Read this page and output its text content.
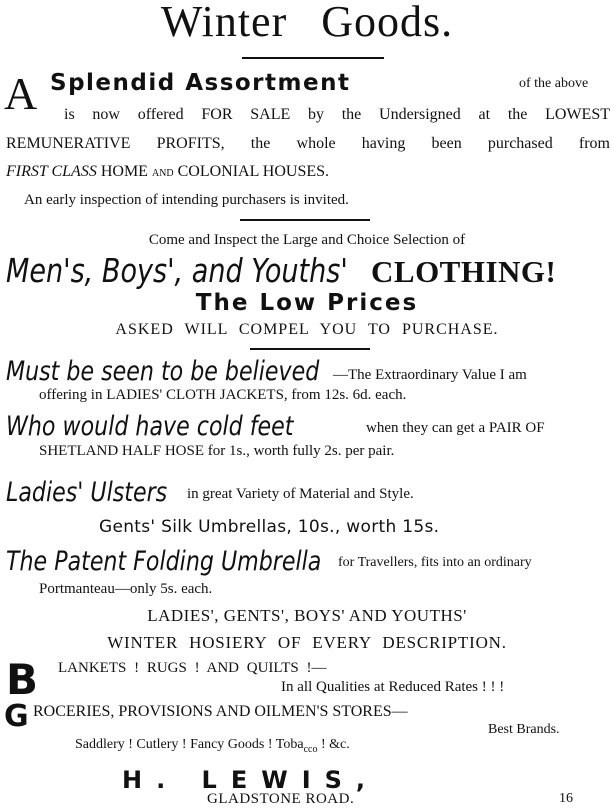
Winter Goods.
A Splendid Assortment	of the above
is now offered FOR SALE by the Undersigned at the LOWEST
REMUNERATIVE PROFITS, the whole having been purchased from
FIRST CLASS HOME AND COLONIAL HOUSES.
An early inspection of intending purchasers is invited.
Come and Inspect the Large and Choice Selection of
Men's, Boys', and Youths' CLOTHING!
The Low Prices
ASKED WILL COMPEL YOU TO PURCHASE.
Must be seen to be believed —The Extraordinary Value I am
offering in LADIES' CLOTH JACKETS, from 12s. 6d. each.
Who would have cold feet	when they can get a PAIR OF
SHETLAND HALF HOSE for 1s., worth fully 2s. per pair.
Ladies' Ulsters in great Variety of Material and Style.
Gents' Silk Umbrellas, 10s., worth 15s.
The Patent Folding Umbrella for Travellers, fits into an ordinary
Portmanteau—only 5s. each.
LADIES', GENTS', BOYS' AND YOUTHS'
WINTER HOSIERY OF EVERY DESCRIPTION.
B LANKETS ! RUGS ! AND QUILTS !—
In all Qualities at Reduced Rates ! ! !
G ROCERIES, PROVISIONS AND OILMEN'S STORES—
Best Brands.
Saddlery ! Cutlery ! Fancy Goods ! Toba$_{cco}$ ! &c.
H. LEWIS,
GLADSTONE ROAD.	16
